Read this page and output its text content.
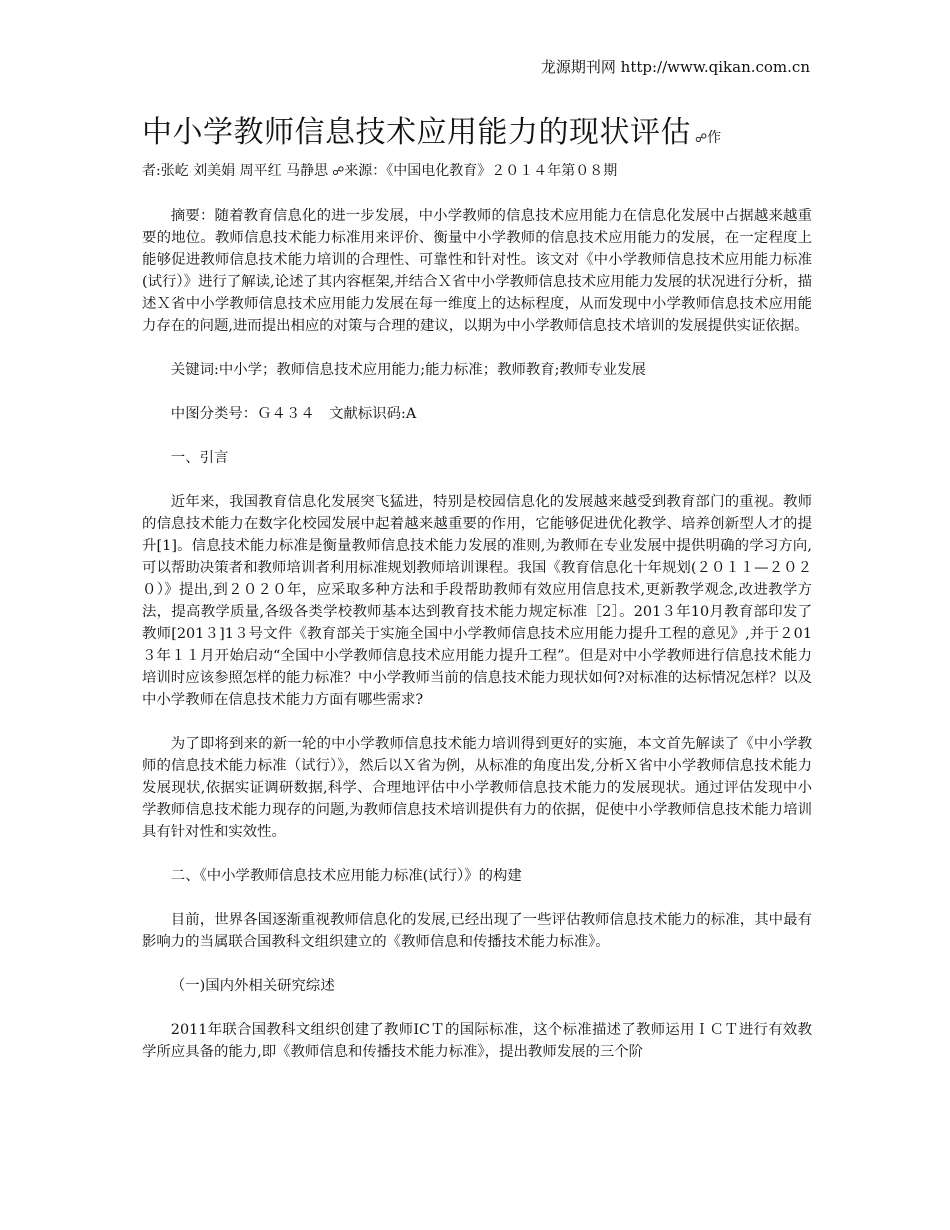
龙源期刊网 http://www.qikan.com.cn
中小学教师信息技术应用能力的现状评估 ☍作
者:张屹 刘美娟 周平红 马静思 ☍来源：《中国电化教育》２０１４年第０８期

摘要：随着教育信息化的进一步发展，中小学教师的信息技术应用能力在信息化发展中占据越来越重要的地位。教师信息技术能力标准用来评价、衡量中小学教师的信息技术应用能力的发展，在一定程度上能够促进教师信息技术能力培训的合理性、可靠性和针对性。该文对《中小学教师信息技术应用能力标准(试行）》进行了解读,论述了其内容框架,并结合Ｘ省中小学教师信息技术应用能力发展的状况进行分析，描述Ｘ省中小学教师信息技术应用能力发展在每一维度上的达标程度，从而发现中小学教师信息技术应用能力存在的问题,进而提出相应的对策与合理的建议，以期为中小学教师信息技术培训的发展提供实证依据。

关键词:中小学；教师信息技术应用能力;能力标准；教师教育;教师专业发展

中图分类号：Ｇ４３４　文献标识码:A

一、引言

近年来，我国教育信息化发展突飞猛进，特别是校园信息化的发展越来越受到教育部门的重视。教师的信息技术能力在数字化校园发展中起着越来越重要的作用，它能够促进优化教学、培养创新型人才的提升[1]。信息技术能力标准是衡量教师信息技术能力发展的准则,为教师在专业发展中提供明确的学习方向,可以帮助决策者和教师培训者利用标准规划教师培训课程。我国《教育信息化十年规划(２０１１—２０２０）》提出,到２０２０年，应采取多种方法和手段帮助教师有效应用信息技术,更新教学观念,改进教学方法，提高教学质量,各级各类学校教师基本达到教育技术能力规定标准［2］。201３年10月教育部印发了教师[201３]1３号文件《教育部关于实施全国中小学教师信息技术应用能力提升工程的意见》,并于２01３年１１月开始启动“全国中小学教师信息技术应用能力提升工程”。但是对中小学教师进行信息技术能力培训时应该参照怎样的能力标准？中小学教师当前的信息技术能力现状如何?对标准的达标情况怎样？以及中小学教师在信息技术能力方面有哪些需求?

为了即将到来的新一轮的中小学教师信息技术能力培训得到更好的实施，本文首先解读了《中小学教师的信息技术能力标准（试行）》，然后以Ｘ省为例，从标准的角度出发,分析Ｘ省中小学教师信息技术能力发展现状,依据实证调研数据,科学、合理地评估中小学教师信息技术能力的发展现状。通过评估发现中小学教师信息技术能力现存的问题,为教师信息技术培训提供有力的依据，促使中小学教师信息技术能力培训具有针对性和实效性。

二、《中小学教师信息技术应用能力标准(试行）》的构建

目前，世界各国逐渐重视教师信息化的发展,已经出现了一些评估教师信息技术能力的标准，其中最有影响力的当属联合国教科文组织建立的《教师信息和传播技术能力标准》。

（一)国内外相关研究综述

2011年联合国教科文组织创建了教师ICＴ的国际标准，这个标准描述了教师运用ＩＣＴ进行有效教学所应具备的能力,即《教师信息和传播技术能力标准》，提出教师发展的三个阶
